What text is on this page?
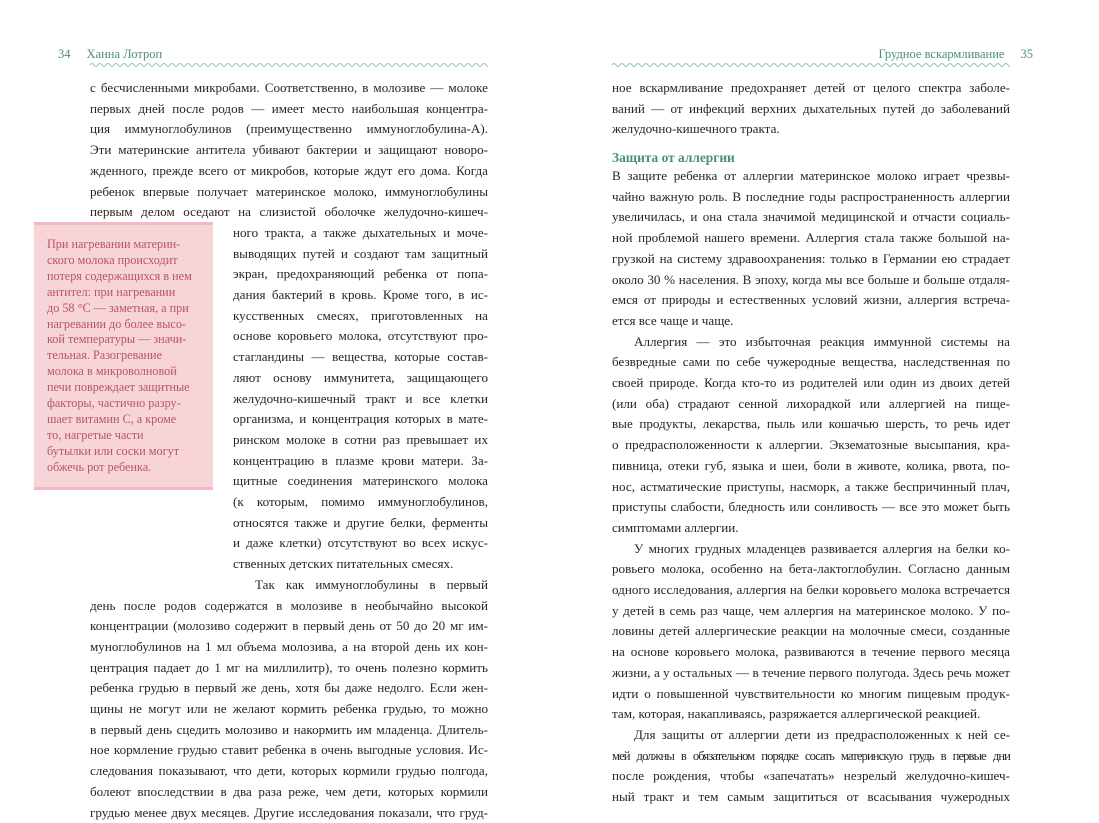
34 Ханна Лотроп
с бесчисленными микробами. Соответственно, в молозиве — молоке
первых дней после родов — имеет место наибольшая концентра-
ция иммуноглобулинов (преимущественно иммуноглобулина-А).
Эти материнские антитела убивают бактерии и защищают новоро-
жденного, прежде всего от микробов, которые ждут его дома. Когда
ребенок впервые получает материнское молоко, иммуноглобулины
первым делом оседают на слизистой оболочке желудочно-кишеч-
ного тракта, а также дыхательных и моче-
выводящих путей и создают там защитный
экран, предохраняющий ребенка от попа-
дания бактерий в кровь. Кроме того, в ис-
кусственных смесях, приготовленных на
основе коровьего молока, отсутствуют про-
стагландины — вещества, которые состав-
ляют основу иммунитета, защищающего
желудочно-кишечный тракт и все клетки
организма, и концентрация которых в мате-
ринском молоке в сотни раз превышает их
концентрацию в плазме крови матери. За-
щитные соединения материнского молока
(к которым, помимо иммуноглобулинов,
относятся также и другие белки, ферменты
и даже клетки) отсутствуют во всех искус-
ственных детских питательных смесях.
Так как иммуноглобулины в первый
день после родов содержатся в молозиве в необычайно высокой
концентрации (молозиво содержит в первый день от 50 до 20 мг им-
муноглобулинов на 1 мл объема молозива, а на второй день их кон-
центрация падает до 1 мг на миллилитр), то очень полезно кормить
ребенка грудью в первый же день, хотя бы даже недолго. Если жен-
щины не могут или не желают кормить ребенка грудью, то можно
в первый день сцедить молозиво и накормить им младенца. Длитель-
ное кормление грудью ставит ребенка в очень выгодные условия. Ис-
следования показывают, что дети, которых кормили грудью полгода,
болеют впоследствии в два раза реже, чем дети, которых кормили
грудью менее двух месяцев. Другие исследования показали, что груд-
При нагревании материн-
ского молока происходит
потеря содержащихся в нем
антител: при нагревании
до 58 °С — заметная, а при
нагревании до более высо-
кой температуры — значи-
тельная. Разогревание
молока в микроволновой
печи повреждает защитные
факторы, частично разру-
шает витамин С, а кроме
то, нагретые части
бутылки или соски могут
обжечь рот ребенка.
Грудное вскармливание 35
ное вскармливание предохраняет детей от целого спектра заболе-
ваний — от инфекций верхних дыхательных путей до заболеваний
желудочно-кишечного тракта.
Защита от аллергии
В защите ребенка от аллергии материнское молоко играет чрезвы-
чайно важную роль. В последние годы распространенность аллергии
увеличилась, и она стала значимой медицинской и отчасти социаль-
ной проблемой нашего времени. Аллергия стала также большой на-
грузкой на систему здравоохранения: только в Германии ею страдает
около 30 % населения. В эпоху, когда мы все больше и больше отдаля-
емся от природы и естественных условий жизни, аллергия встреча-
ется все чаще и чаще.
Аллергия — это избыточная реакция иммунной системы на
безвредные сами по себе чужеродные вещества, наследственная по
своей природе. Когда кто-то из родителей или один из двоих детей
(или оба) страдают сенной лихорадкой или аллергией на пище-
вые продукты, лекарства, пыль или кошачью шерсть, то речь идет
о предрасположенности к аллергии. Экзематозные высыпания, кра-
пивница, отеки губ, языка и шеи, боли в животе, колика, рвота, по-
нос, астматические приступы, насморк, а также беспричинный плач,
приступы слабости, бледность или сонливость — все это может быть
симптомами аллергии.
У многих грудных младенцев развивается аллергия на белки ко-
ровьего молока, особенно на бета-лактоглобулин. Согласно данным
одного исследования, аллергия на белки коровьего молока встречается
у детей в семь раз чаще, чем аллергия на материнское молоко. У по-
ловины детей аллергические реакции на молочные смеси, созданные
на основе коровьего молока, развиваются в течение первого месяца
жизни, а у остальных — в течение первого полугода. Здесь речь может
идти о повышенной чувствительности ко многим пищевым продук-
там, которая, накапливаясь, разряжается аллергической реакцией.
Для защиты от аллергии дети из предрасположенных к ней се-
мей должны в обязательном порядке сосать материнскую грудь в первые дни
после рождения, чтобы «запечатать» незрелый желудочно-кишеч-
ный тракт и тем самым защититься от всасывания чужеродных
